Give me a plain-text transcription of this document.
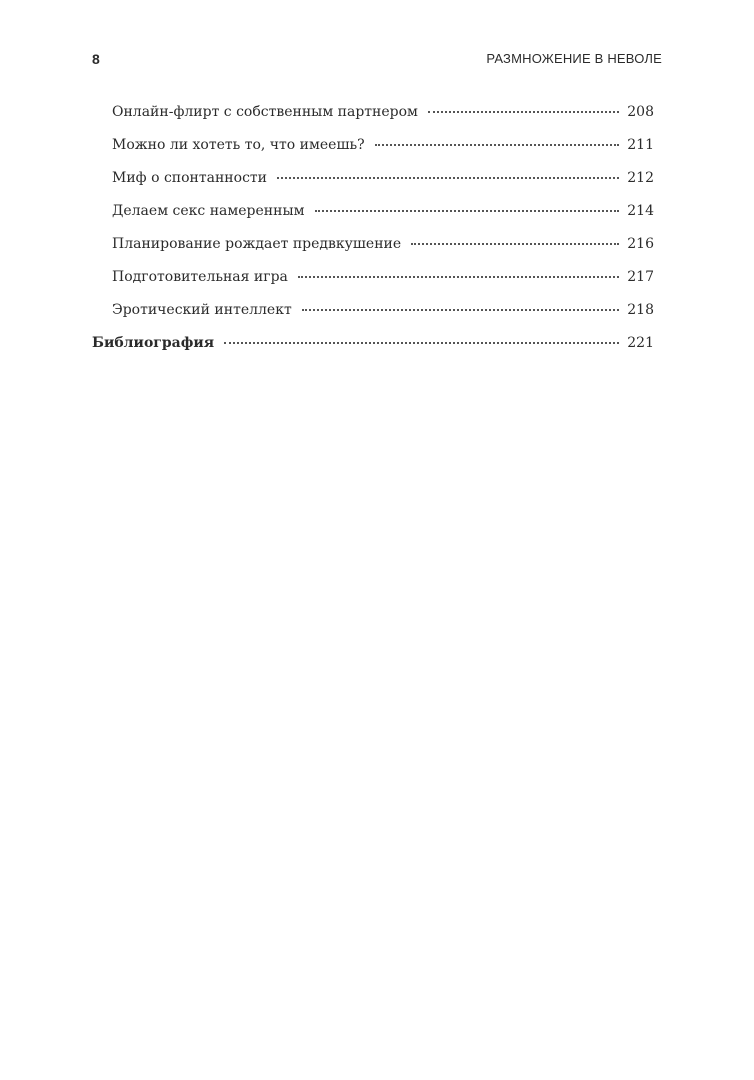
8	РАЗМНОЖЕНИЕ В НЕВОЛЕ
Онлайн-флирт с собственным партнером	208
Можно ли хотеть то, что имеешь?	211
Миф о спонтанности	212
Делаем секс намеренным	214
Планирование рождает предвкушение	216
Подготовительная игра	217
Эротический интеллект	218
Библиография	221
